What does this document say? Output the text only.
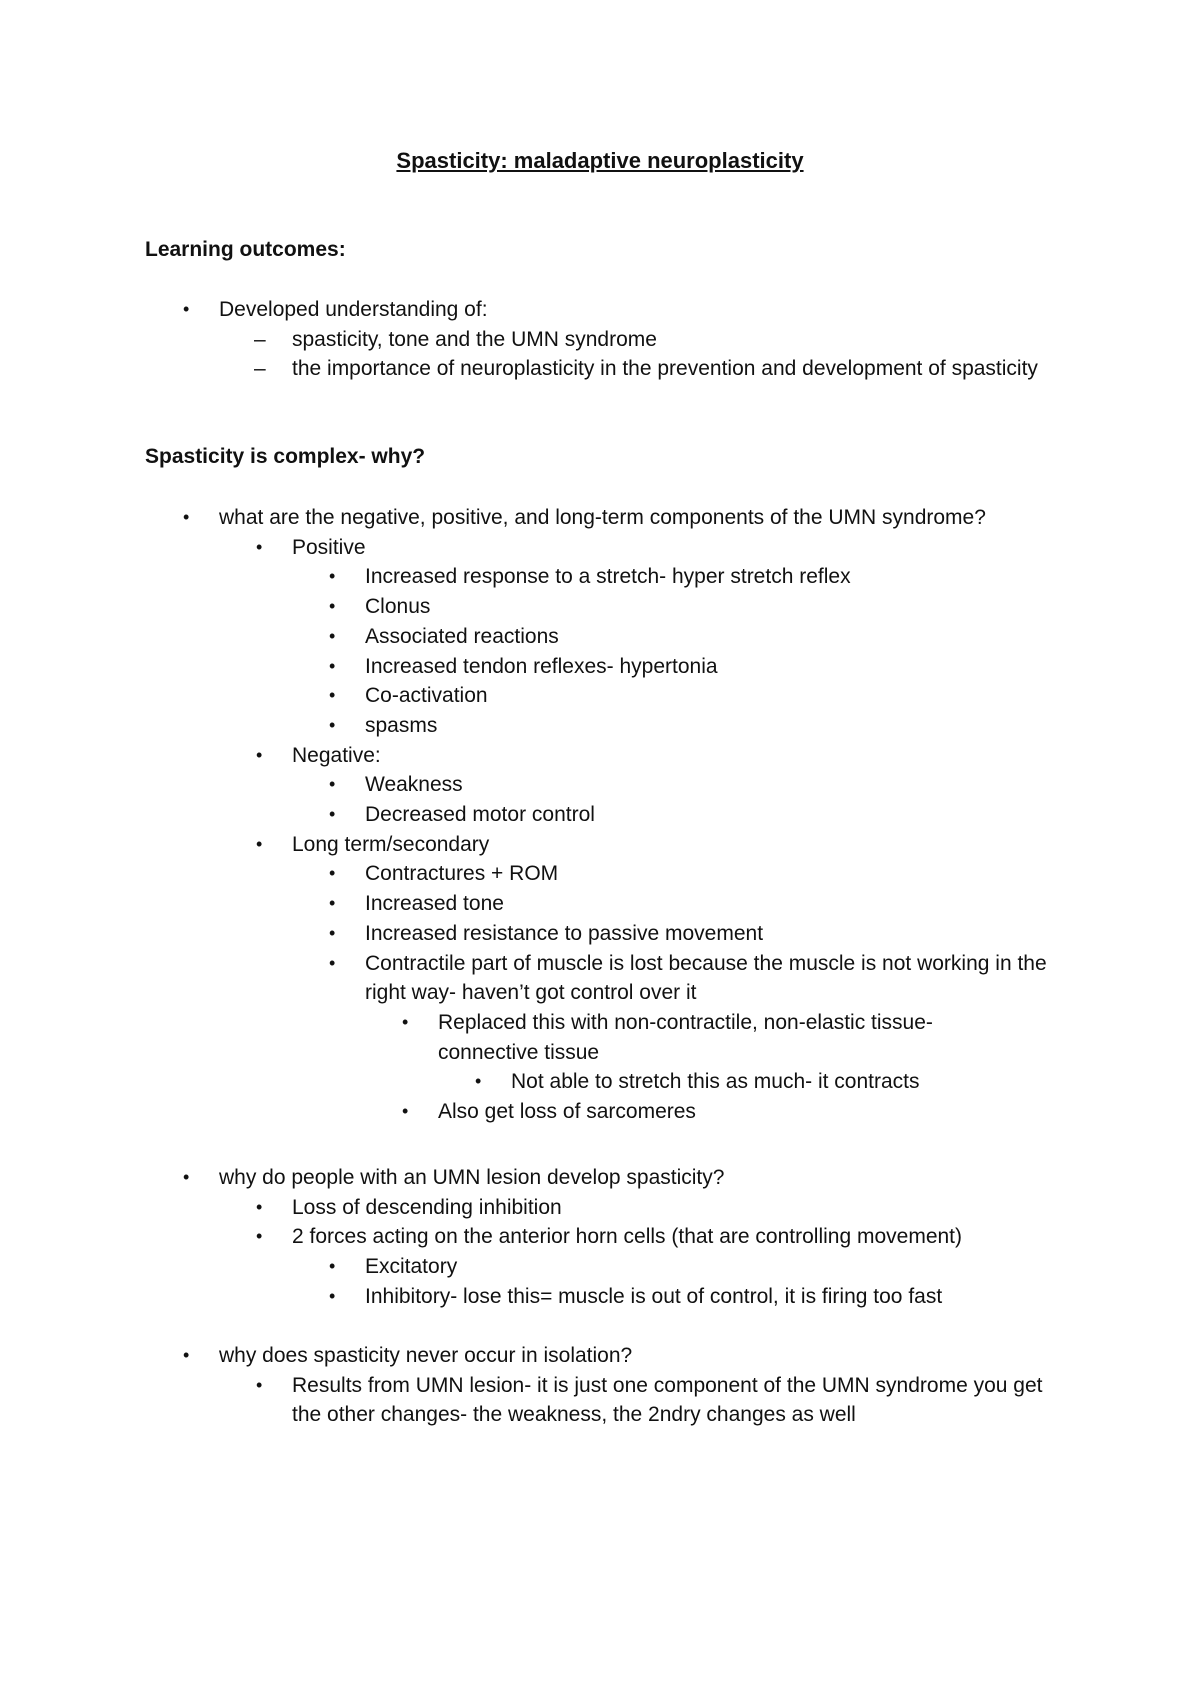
Spasticity: maladaptive neuroplasticity
Learning outcomes:
• Developed understanding of:
– spasticity, tone and the UMN syndrome
– the importance of neuroplasticity in the prevention and development of spasticity
Spasticity is complex- why?
• what are the negative, positive, and long-term components of the UMN syndrome?
• Positive
• Increased response to a stretch- hyper stretch reflex
• Clonus
• Associated reactions
• Increased tendon reflexes- hypertonia
• Co-activation
• spasms
• Negative:
• Weakness
• Decreased motor control
• Long term/secondary
• Contractures + ROM
• Increased tone
• Increased resistance to passive movement
• Contractile part of muscle is lost because the muscle is not working in the right way- haven’t got control over it
• Replaced this with non-contractile, non-elastic tissue- connective tissue
• Not able to stretch this as much- it contracts
• Also get loss of sarcomeres
• why do people with an UMN lesion develop spasticity?
• Loss of descending inhibition
• 2 forces acting on the anterior horn cells (that are controlling movement)
• Excitatory
• Inhibitory- lose this= muscle is out of control, it is firing too fast
• why does spasticity never occur in isolation?
• Results from UMN lesion- it is just one component of the UMN syndrome you get the other changes- the weakness, the 2ndry changes as well
